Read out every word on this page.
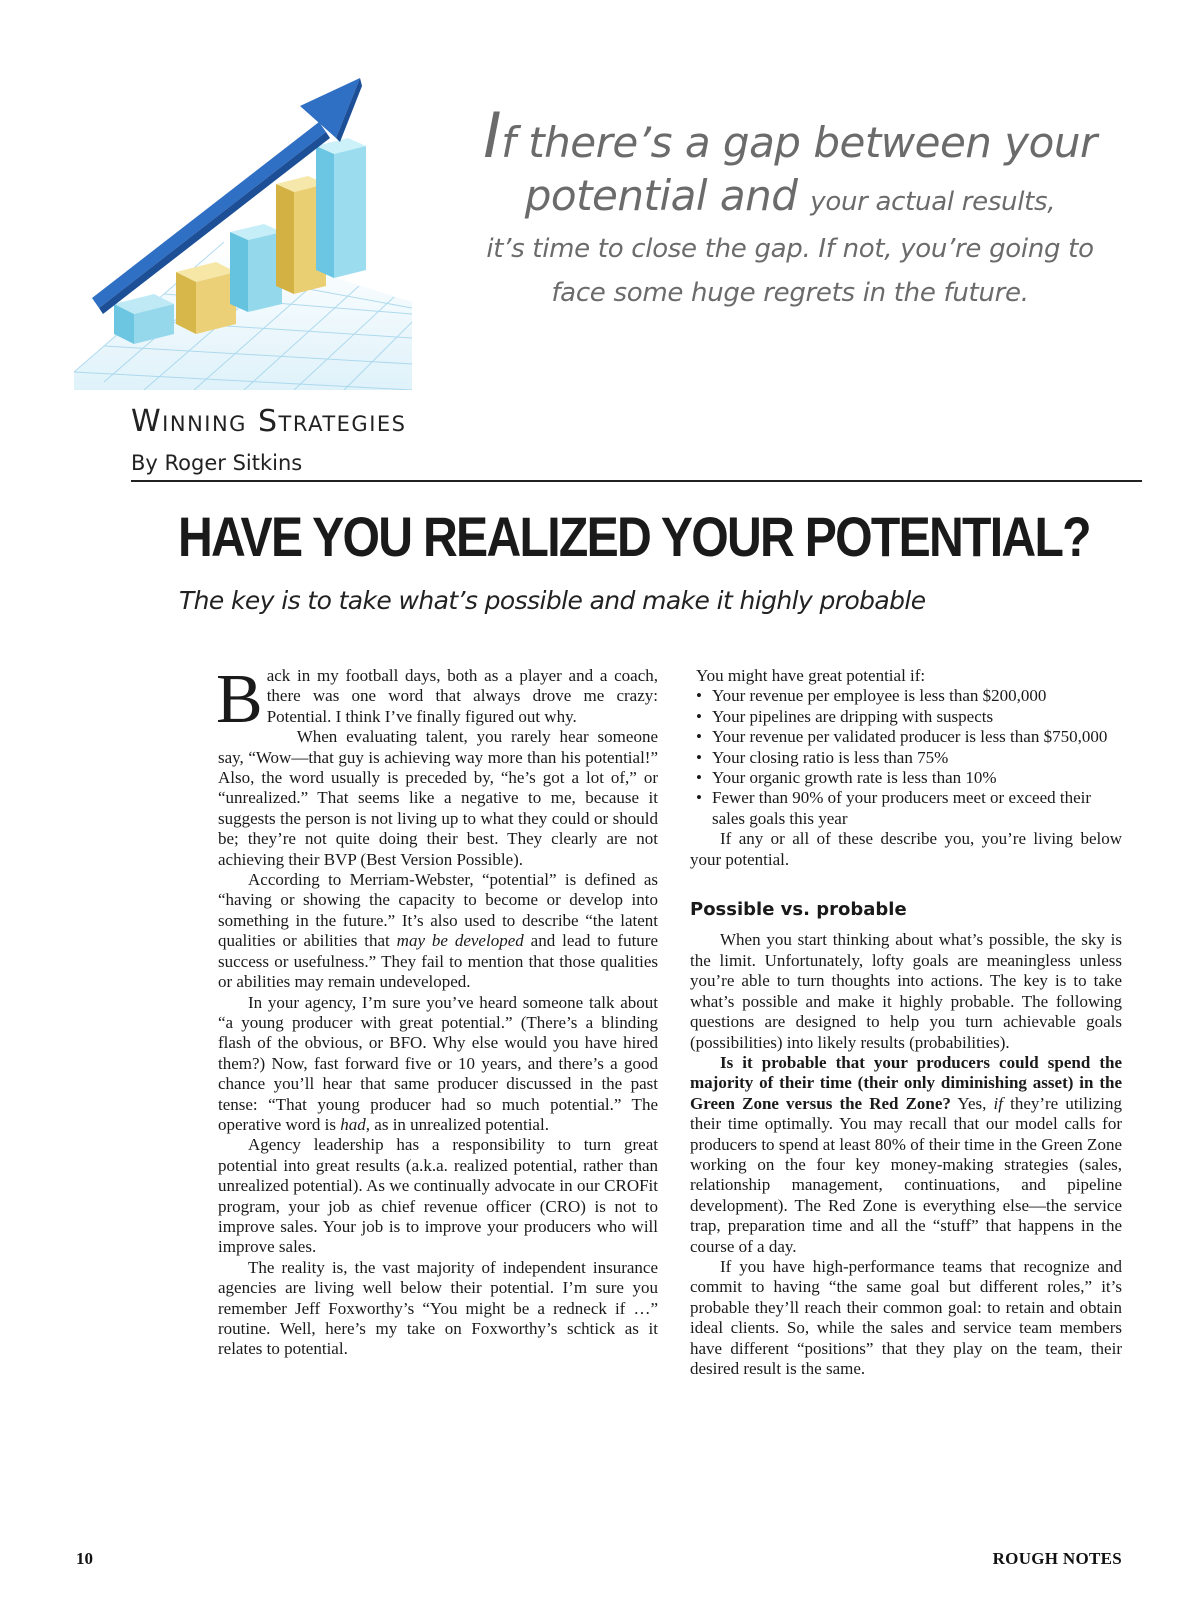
If there’s a gap between your
potential and your actual results,
it’s time to close the gap. If not, you’re going to
face some huge regrets in the future.
Winning Strategies
By Roger Sitkins
HAVE YOU REALIZED YOUR POTENTIAL?
The key is to take what’s possible and make it highly probable

Back in my football days, both as a player and a coach, there was one word that always drove me crazy: Potential. I think I’ve finally figured out why.

When evaluating talent, you rarely hear someone say, “Wow—that guy is achieving way more than his potential!” Also, the word usually is preceded by, “he’s got a lot of,” or “unrealized.” That seems like a negative to me, because it suggests the person is not living up to what they could or should be; they’re not quite doing their best. They clearly are not achieving their BVP (Best Version Possible).

According to Merriam-Webster, “potential” is defined as “having or showing the capacity to become or develop into something in the future.” It’s also used to describe “the latent qualities or abilities that may be developed and lead to future success or usefulness.” They fail to mention that those qualities or abilities may remain undeveloped.

In your agency, I’m sure you’ve heard someone talk about “a young producer with great potential.” (There’s a blinding flash of the obvious, or BFO. Why else would you have hired them?) Now, fast forward five or 10 years, and there’s a good chance you’ll hear that same producer discussed in the past tense: “That young producer had so much potential.” The operative word is had, as in unrealized potential.

Agency leadership has a responsibility to turn great potential into great results (a.k.a. realized potential, rather than unrealized potential). As we continually advocate in our CROFit program, your job as chief revenue officer (CRO) is not to improve sales. Your job is to improve your producers who will improve sales.

The reality is, the vast majority of independent insurance agencies are living well below their potential. I’m sure you remember Jeff Foxworthy’s “You might be a redneck if …” routine. Well, here’s my take on Foxworthy’s schtick as it relates to potential.

You might have great potential if:

• Your revenue per employee is less than $200,000
• Your pipelines are dripping with suspects
• Your revenue per validated producer is less than $750,000
• Your closing ratio is less than 75%
• Your organic growth rate is less than 10%
• Fewer than 90% of your producers meet or exceed their sales goals this year

If any or all of these describe you, you’re living below your potential.

Possible vs. probable

When you start thinking about what’s possible, the sky is the limit. Unfortunately, lofty goals are meaningless unless you’re able to turn thoughts into actions. The key is to take what’s possible and make it highly probable. The following questions are designed to help you turn achievable goals (possibilities) into likely results (probabilities).

Is it probable that your producers could spend the majority of their time (their only diminishing asset) in the Green Zone versus the Red Zone? Yes, if they’re utilizing their time optimally. You may recall that our model calls for producers to spend at least 80% of their time in the Green Zone working on the four key money-making strategies (sales, relationship management, continuations, and pipeline development). The Red Zone is everything else—the service trap, preparation time and all the “stuff” that happens in the course of a day.

If you have high-performance teams that recognize and commit to having “the same goal but different roles,” it’s probable they’ll reach their common goal: to retain and obtain ideal clients. So, while the sales and service team members have different “positions” that they play on the team, their desired result is the same.

10	ROUGH NOTES
